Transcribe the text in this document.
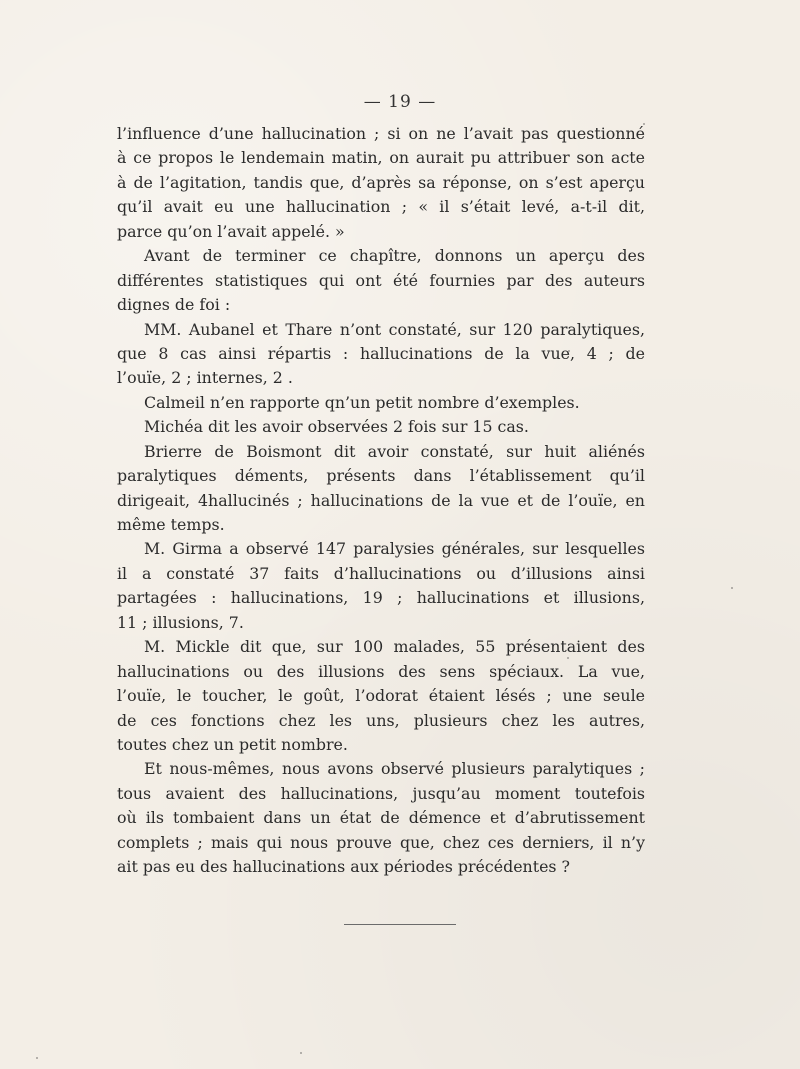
— 19 —
l’influence d’une hallucination ; si on ne l’avait pas questionné
à ce propos le lendemain matin, on aurait pu attribuer son acte
à de l’agitation, tandis que, d’après sa réponse, on s’est aperçu
qu’il avait eu une hallucination ; « il s’était levé, a-t-il dit,
parce qu’on l’avait appelé. »
Avant de terminer ce chapître, donnons un aperçu des
différentes statistiques qui ont été fournies par des auteurs
dignes de foi :
MM. Aubanel et Thare n’ont constaté, sur 120 paralytiques,
que 8 cas ainsi répartis : hallucinations de la vue, 4 ; de
l’ouïe, 2 ; internes, 2 .
Calmeil n’en rapporte qn’un petit nombre d’exemples.
Michéa dit les avoir observées 2 fois sur 15 cas.
Brierre de Boismont dit avoir constaté, sur huit aliénés
paralytiques déments, présents dans l’établissement qu’il
dirigeait, 4hallucinés ; hallucinations de la vue et de l’ouïe, en
même temps.
M. Girma a observé 147 paralysies générales, sur lesquelles
il a constaté 37 faits d’hallucinations ou d’illusions ainsi
partagées : hallucinations, 19 ; hallucinations et illusions,
11 ; illusions, 7.
M. Mickle dit que, sur 100 malades, 55 présentaient des
hallucinations ou des illusions des sens spéciaux. La vue,
l’ouïe, le toucher, le goût, l’odorat étaient lésés ; une seule
de ces fonctions chez les uns, plusieurs chez les autres,
toutes chez un petit nombre.
Et nous-mêmes, nous avons observé plusieurs paralytiques ;
tous avaient des hallucinations, jusqu’au moment toutefois
où ils tombaient dans un état de démence et d’abrutissement
complets ; mais qui nous prouve que, chez ces derniers, il n’y
ait pas eu des hallucinations aux périodes précédentes ?
